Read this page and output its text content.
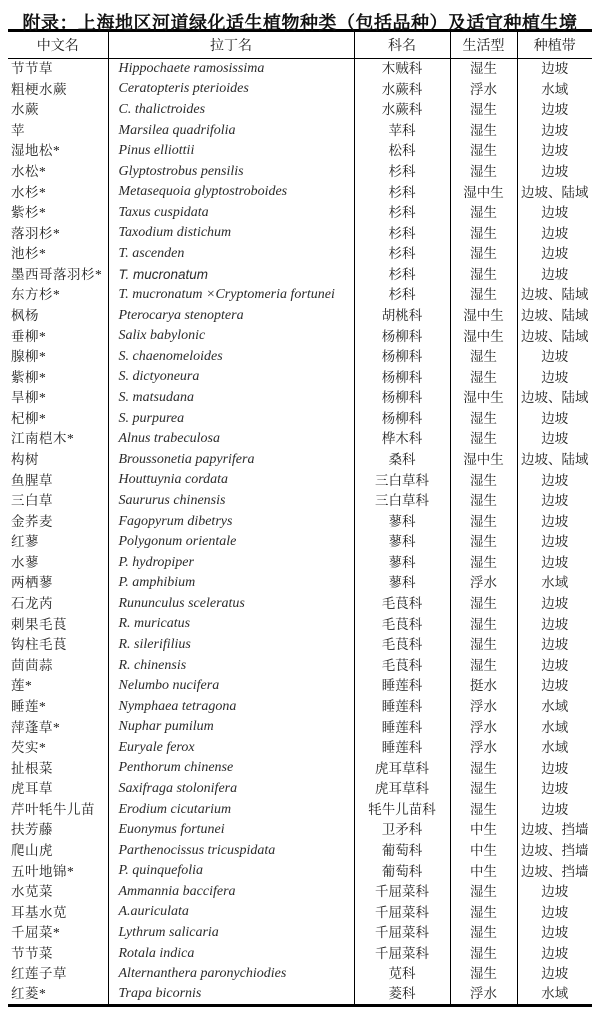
附录：上海地区河道绿化适生植物种类（包括品种）及适宜种植生境
中文名	拉丁名	科名	生活型	种植带
节节草	Hippochaete ramosissima	木贼科	湿生	边坡
粗梗水蕨	Ceratopteris pterioides	水蕨科	浮水	水域
水蕨	C. thalictroides	水蕨科	湿生	边坡
苹	Marsilea quadrifolia	苹科	湿生	边坡
湿地松*	Pinus elliottii	松科	湿生	边坡
水松*	Glyptostrobus pensilis	杉科	湿生	边坡
水杉*	Metasequoia glyptostroboides	杉科	湿中生	边坡、陆域
紫杉*	Taxus cuspidata	杉科	湿生	边坡
落羽杉*	Taxodium distichum	杉科	湿生	边坡
池杉*	T. ascenden	杉科	湿生	边坡
墨西哥落羽杉*	T. mucronatum	杉科	湿生	边坡
东方杉*	T. mucronatum ×Cryptomeria fortunei	杉科	湿生	边坡、陆域
枫杨	Pterocarya stenoptera	胡桃科	湿中生	边坡、陆域
垂柳*	Salix babylonic	杨柳科	湿中生	边坡、陆域
腺柳*	S. chaenomeloides	杨柳科	湿生	边坡
紫柳*	S. dictyoneura	杨柳科	湿生	边坡
旱柳*	S. matsudana	杨柳科	湿中生	边坡、陆域
杞柳*	S. purpurea	杨柳科	湿生	边坡
江南桤木*	Alnus trabeculosa	桦木科	湿生	边坡
构树	Broussonetia papyrifera	桑科	湿中生	边坡、陆域
鱼腥草	Houttuynia cordata	三白草科	湿生	边坡
三白草	Saururus chinensis	三白草科	湿生	边坡
金荞麦	Fagopyrum dibetrys	蓼科	湿生	边坡
红蓼	Polygonum orientale	蓼科	湿生	边坡
水蓼	P. hydropiper	蓼科	湿生	边坡
两栖蓼	P. amphibium	蓼科	浮水	水域
石龙芮	Rununculus sceleratus	毛茛科	湿生	边坡
刺果毛茛	R. muricatus	毛茛科	湿生	边坡
钩柱毛茛	R. silerifilius	毛茛科	湿生	边坡
茴茴蒜	R. chinensis	毛茛科	湿生	边坡
莲*	Nelumbo nucifera	睡莲科	挺水	边坡
睡莲*	Nymphaea tetragona	睡莲科	浮水	水域
萍蓬草*	Nuphar pumilum	睡莲科	浮水	水域
芡实*	Euryale ferox	睡莲科	浮水	水域
扯根菜	Penthorum chinense	虎耳草科	湿生	边坡
虎耳草	Saxifraga stolonifera	虎耳草科	湿生	边坡
芹叶牦牛儿苗	Erodium cicutarium	牦牛儿苗科	湿生	边坡
扶芳藤	Euonymus fortunei	卫矛科	中生	边坡、挡墙
爬山虎	Parthenocissus tricuspidata	葡萄科	中生	边坡、挡墙
五叶地锦*	P. quinquefolia	葡萄科	中生	边坡、挡墙
水苋菜	Ammannia baccifera	千屈菜科	湿生	边坡
耳基水苋	A.auriculata	千屈菜科	湿生	边坡
千屈菜*	Lythrum salicaria	千屈菜科	湿生	边坡
节节菜	Rotala indica	千屈菜科	湿生	边坡
红莲子草	Alternanthera paronychiodies	苋科	湿生	边坡
红菱*	Trapa bicornis	菱科	浮水	水域
